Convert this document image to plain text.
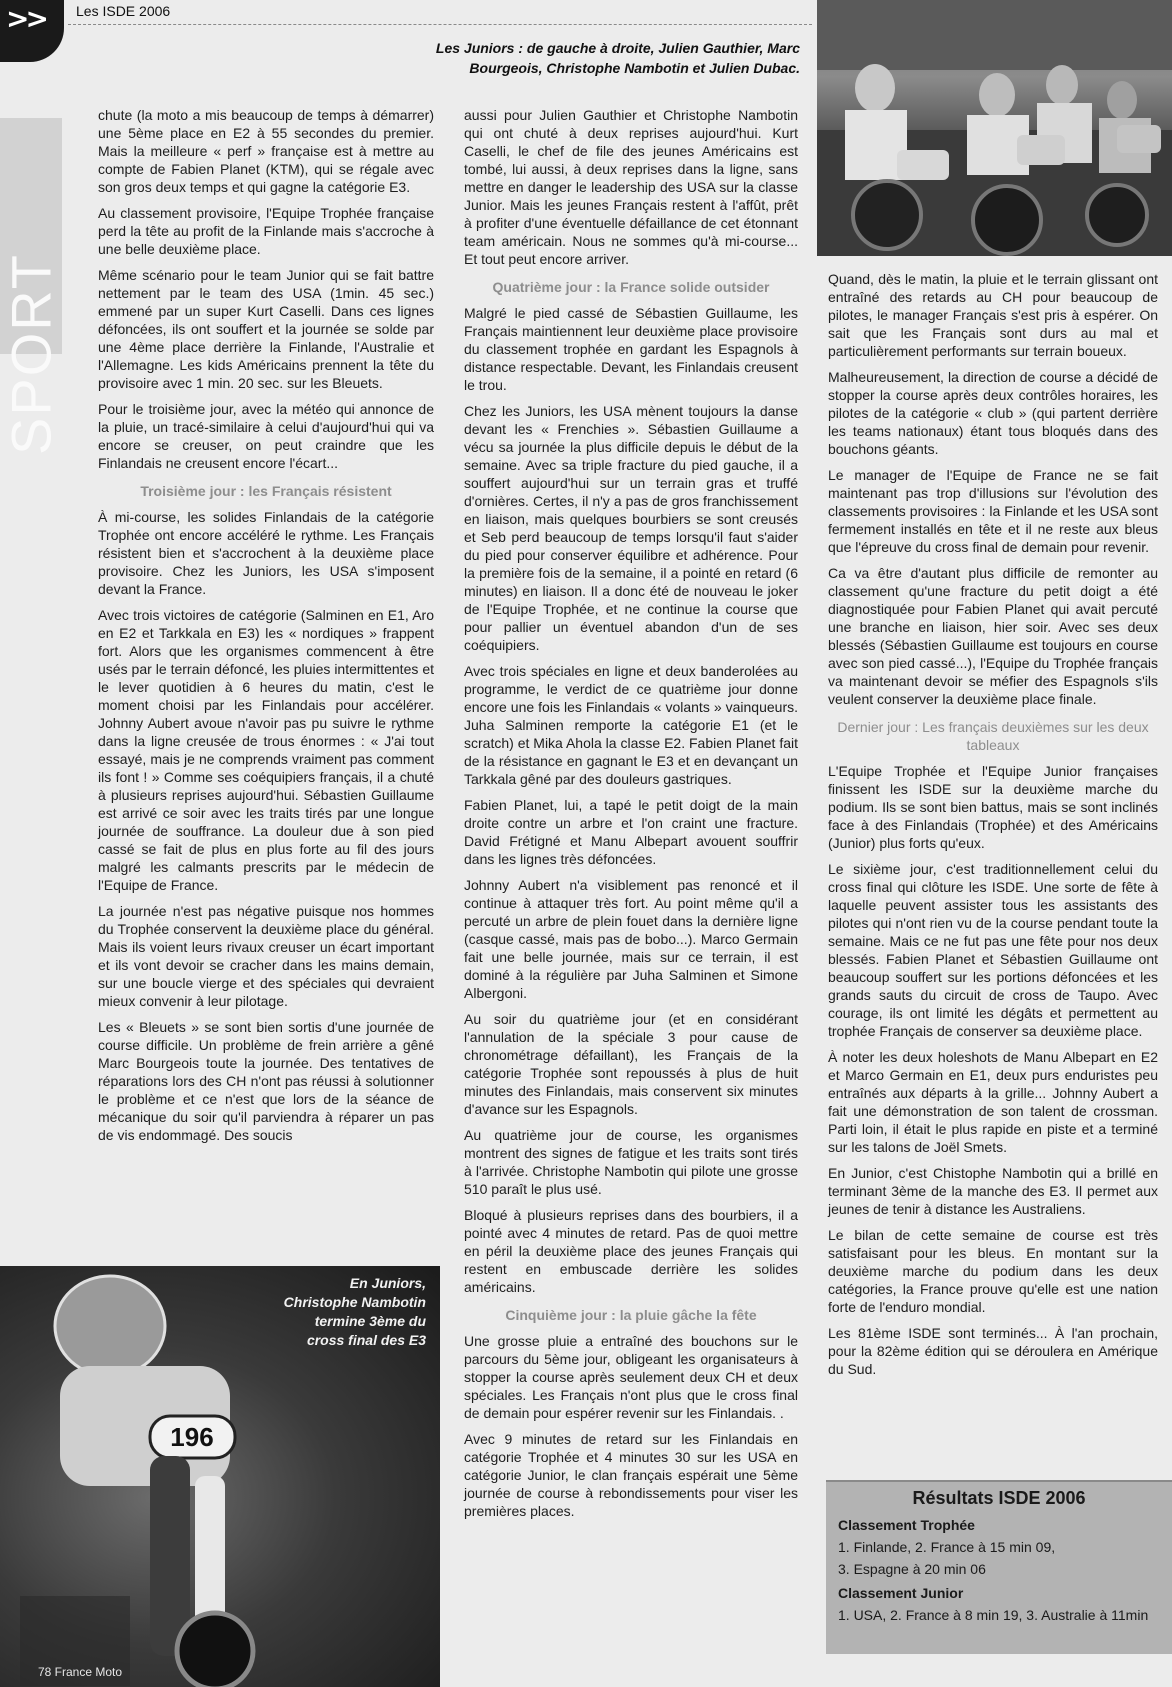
>> Les ISDE 2006
SPORT
Les Juniors : de gauche à droite, Julien Gauthier, Marc Bourgeois, Christophe Nambotin et Julien Dubac.

chute (la moto a mis beaucoup de temps à démarrer) une 5ème place en E2 à 55 secondes du premier. Mais la meilleure « perf » française est à mettre au compte de Fabien Planet (KTM), qui se régale avec son gros deux temps et qui gagne la catégorie E3.

Au classement provisoire, l'Equipe Trophée française perd la tête au profit de la Finlande mais s'accroche à une belle deuxième place.

Même scénario pour le team Junior qui se fait battre nettement par le team des USA (1min. 45 sec.) emmené par un super Kurt Caselli. Dans ces lignes défoncées, ils ont souffert et la journée se solde par une 4ème place derrière la Finlande, l'Australie et l'Allemagne. Les kids Américains prennent la tête du provisoire avec 1 min. 20 sec. sur les Bleuets.

Pour le troisième jour, avec la météo qui annonce de la pluie, un tracé-similaire à celui d'aujourd'hui qui va encore se creuser, on peut craindre que les Finlandais ne creusent encore l'écart...

Troisième jour : les Français résistent

À mi-course, les solides Finlandais de la catégorie Trophée ont encore accéléré le rythme. Les Français résistent bien et s'accrochent à la deuxième place provisoire. Chez les Juniors, les USA s'imposent devant la France.

Avec trois victoires de catégorie (Salminen en E1, Aro en E2 et Tarkkala en E3) les « nordiques » frappent fort. Alors que les organismes commencent à être usés par le terrain défoncé, les pluies intermittentes et le lever quotidien à 6 heures du matin, c'est le moment choisi par les Finlandais pour accélérer. Johnny Aubert avoue n'avoir pas pu suivre le rythme dans la ligne creusée de trous énormes : « J'ai tout essayé, mais je ne comprends vraiment pas comment ils font ! » Comme ses coéquipiers français, il a chuté à plusieurs reprises aujourd'hui. Sébastien Guillaume est arrivé ce soir avec les traits tirés par une longue journée de souffrance. La douleur due à son pied cassé se fait de plus en plus forte au fil des jours malgré les calmants prescrits par le médecin de l'Equipe de France.

La journée n'est pas négative puisque nos hommes du Trophée conservent la deuxième place du général. Mais ils voient leurs rivaux creuser un écart important et ils vont devoir se cracher dans les mains demain, sur une boucle vierge et des spéciales qui devraient mieux convenir à leur pilotage.

Les « Bleuets » se sont bien sortis d'une journée de course difficile. Un problème de frein arrière a gêné Marc Bourgeois toute la journée. Des tentatives de réparations lors des CH n'ont pas réussi à solutionner le problème et ce n'est que lors de la séance de mécanique du soir qu'il parviendra à réparer un pas de vis endommagé. Des soucis

aussi pour Julien Gauthier et Christophe Nambotin qui ont chuté à deux reprises aujourd'hui. Kurt Caselli, le chef de file des jeunes Américains est tombé, lui aussi, à deux reprises dans la ligne, sans mettre en danger le leadership des USA sur la classe Junior. Mais les jeunes Français restent à l'affût, prêt à profiter d'une éventuelle défaillance de cet étonnant team américain. Nous ne sommes qu'à mi-course... Et tout peut encore arriver.

Quatrième jour : la France solide outsider

Malgré le pied cassé de Sébastien Guillaume, les Français maintiennent leur deuxième place provisoire du classement trophée en gardant les Espagnols à distance respectable. Devant, les Finlandais creusent le trou.

Chez les Juniors, les USA mènent toujours la danse devant les « Frenchies ». Sébastien Guillaume a vécu sa journée la plus difficile depuis le début de la semaine. Avec sa triple fracture du pied gauche, il a souffert aujourd'hui sur un terrain gras et truffé d'ornières. Certes, il n'y a pas de gros franchissement en liaison, mais quelques bourbiers se sont creusés et Seb perd beaucoup de temps lorsqu'il faut s'aider du pied pour conserver équilibre et adhérence. Pour la première fois de la semaine, il a pointé en retard (6 minutes) en liaison. Il a donc été de nouveau le joker de l'Equipe Trophée, et ne continue la course que pour pallier un éventuel abandon d'un de ses coéquipiers.

Avec trois spéciales en ligne et deux banderolées au programme, le verdict de ce quatrième jour donne encore une fois les Finlandais « volants » vainqueurs. Juha Salminen remporte la catégorie E1 (et le scratch) et Mika Ahola la classe E2. Fabien Planet fait de la résistance en gagnant le E3 et en devançant un Tarkkala gêné par des douleurs gastriques.

Fabien Planet, lui, a tapé le petit doigt de la main droite contre un arbre et l'on craint une fracture. David Frétigné et Manu Albepart avouent souffrir dans les lignes très défoncées.

Johnny Aubert n'a visiblement pas renoncé et il continue à attaquer très fort. Au point même qu'il a percuté un arbre de plein fouet dans la dernière ligne (casque cassé, mais pas de bobo...). Marco Germain fait une belle journée, mais sur ce terrain, il est dominé à la régulière par Juha Salminen et Simone Albergoni.

Au soir du quatrième jour (et en considérant l'annulation de la spéciale 3 pour cause de chronométrage défaillant), les Français de la catégorie Trophée sont repoussés à plus de huit minutes des Finlandais, mais conservent six minutes d'avance sur les Espagnols.

Au quatrième jour de course, les organismes montrent des signes de fatigue et les traits sont tirés à l'arrivée. Christophe Nambotin qui pilote une grosse 510 paraît le plus usé.

Bloqué à plusieurs reprises dans des bourbiers, il a pointé avec 4 minutes de retard. Pas de quoi mettre en péril la deuxième place des jeunes Français qui restent en embuscade derrière les solides américains.

Cinquième jour : la pluie gâche la fête

Une grosse pluie a entraîné des bouchons sur le parcours du 5ème jour, obligeant les organisateurs à stopper la course après seulement deux CH et deux spéciales. Les Français n'ont plus que le cross final de demain pour espérer revenir sur les Finlandais. .

Avec 9 minutes de retard sur les Finlandais en catégorie Trophée et 4 minutes 30 sur les USA en catégorie Junior, le clan français espérait une 5ème journée de course à rebondissements pour viser les premières places.

Quand, dès le matin, la pluie et le terrain glissant ont entraîné des retards au CH pour beaucoup de pilotes, le manager Français s'est pris à espérer. On sait que les Français sont durs au mal et particulièrement performants sur terrain boueux.

Malheureusement, la direction de course a décidé de stopper la course après deux contrôles horaires, les pilotes de la catégorie « club » (qui partent derrière les teams nationaux) étant tous bloqués dans des bouchons géants.

Le manager de l'Equipe de France ne se fait maintenant pas trop d'illusions sur l'évolution des classements provisoires : la Finlande et les USA sont fermement installés en tête et il ne reste aux bleus que l'épreuve du cross final de demain pour revenir.

Ca va être d'autant plus difficile de remonter au classement qu'une fracture du petit doigt a été diagnostiquée pour Fabien Planet qui avait percuté une branche en liaison, hier soir. Avec ses deux blessés (Sébastien Guillaume est toujours en course avec son pied cassé...), l'Equipe du Trophée français va maintenant devoir se méfier des Espagnols s'ils veulent conserver la deuxième place finale.

Dernier jour : Les français deuxièmes sur les deux tableaux

L'Equipe Trophée et l'Equipe Junior françaises finissent les ISDE sur la deuxième marche du podium. Ils se sont bien battus, mais se sont inclinés face à des Finlandais (Trophée) et des Américains (Junior) plus forts qu'eux.

Le sixième jour, c'est traditionnellement celui du cross final qui clôture les ISDE. Une sorte de fête à laquelle peuvent assister tous les assistants des pilotes qui n'ont rien vu de la course pendant toute la semaine. Mais ce ne fut pas une fête pour nos deux blessés. Fabien Planet et Sébastien Guillaume ont beaucoup souffert sur les portions défoncées et les grands sauts du circuit de cross de Taupo. Avec courage, ils ont limité les dégâts et permettent au trophée Français de conserver sa deuxième place.

À noter les deux holeshots de Manu Albepart en E2 et Marco Germain en E1, deux purs enduristes peu entraînés aux départs à la grille... Johnny Aubert a fait une démonstration de son talent de crossman. Parti loin, il était le plus rapide en piste et a terminé sur les talons de Joël Smets.

En Junior, c'est Chistophe Nambotin qui a brillé en terminant 3ème de la manche des E3. Il permet aux jeunes de tenir à distance les Australiens.

Le bilan de cette semaine de course est très satisfaisant pour les bleus. En montant sur la deuxième marche du podium dans les deux catégories, la France prouve qu'elle est une nation forte de l'enduro mondial.

Les 81ème ISDE sont terminés... À l'an prochain, pour la 82ème édition qui se déroulera en Amérique du Sud.

196
En Juniors, Christophe Nambotin termine 3ème du cross final des E3
78 France Moto
Résultats ISDE 2006
Classement Trophée
1. Finlande, 2. France à 15 min 09,
3. Espagne à 20 min 06
Classement Junior
1. USA, 2. France à 8 min 19, 3. Australie à 11min
